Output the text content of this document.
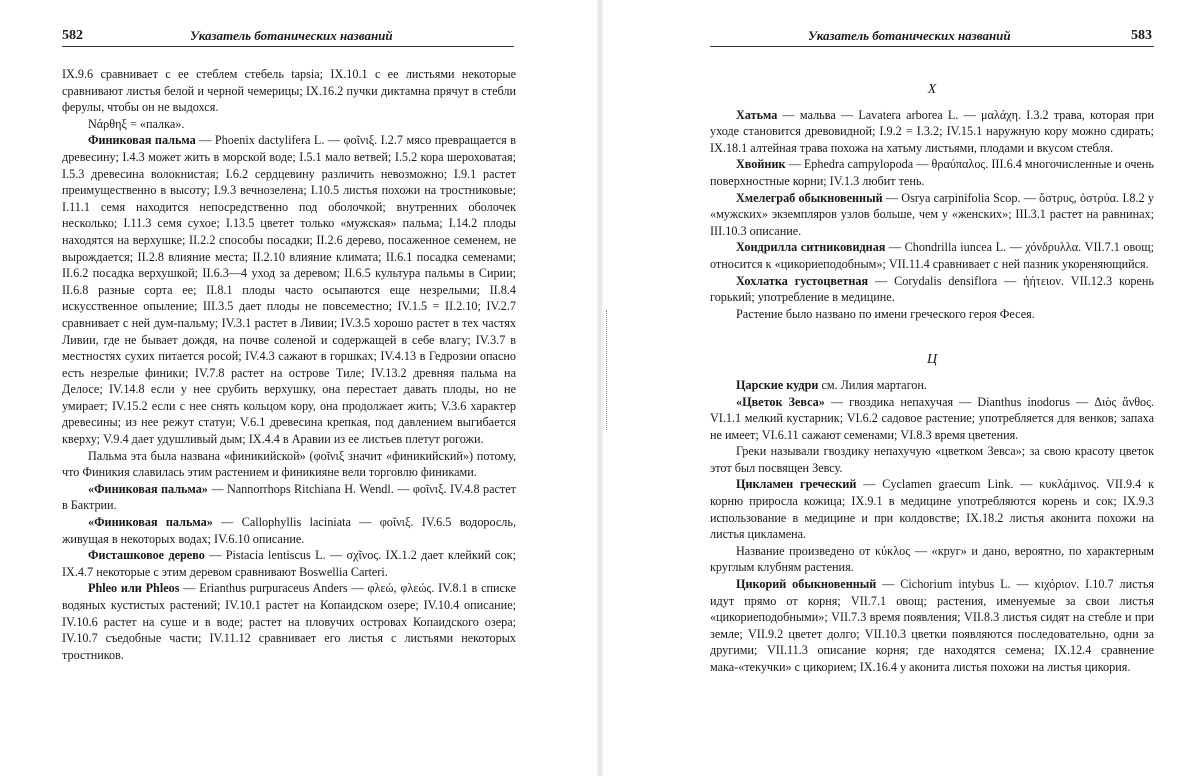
582	Указатель ботанических названий

IX.9.6 сравнивает с ее стеблем стебель tapsia; IX.10.1 с ее листьями некоторые сравнивают листья белой и черной чемерицы; IX.16.2 пучки диктамна прячут в стебли ферулы, чтобы он не выдохся.

Νάρθηξ = «палка».

Финиковая пальма — Phoenix dactylifera L. — φοῖνιξ. I.2.7 мясо превращается в древесину; I.4.3 может жить в морской воде; I.5.1 мало ветвей; I.5.2 кора шероховатая; I.5.3 древесина волокнистая; I.6.2 сердцевину различить невозможно; I.9.1 растет преимущественно в высоту; I.9.3 вечнозелена; I.10.5 листья похожи на тростниковые; I.11.1 семя находится непосредственно под оболочкой; внутренних оболочек несколько; I.11.3 семя сухое; I.13.5 цветет только «мужская» пальма; I.14.2 плоды находятся на верхушке; II.2.2 способы посадки; II.2.6 дерево, посаженное семенем, не вырождается; II.2.8 влияние места; II.2.10 влияние климата; II.6.1 посадка семенами; II.6.2 посадка верхушкой; II.6.3—4 уход за деревом; II.6.5 культура пальмы в Сирии; II.6.8 разные сорта ее; II.8.1 плоды часто осыпаются еще незрелыми; II.8.4 искусственное опыление; III.3.5 дает плоды не повсеместно; IV.1.5 = II.2.10; IV.2.7 сравнивает с ней дум-пальму; IV.3.1 растет в Ливии; IV.3.5 хорошо растет в тех частях Ливии, где не бывает дождя, на почве соленой и содержащей в себе влагу; IV.3.7 в местностях сухих питается росой; IV.4.3 сажают в горшках; IV.4.13 в Гедрозии опасно есть незрелые финики; IV.7.8 растет на острове Тиле; IV.13.2 древняя пальма на Делосе; IV.14.8 если у нее срубить верхушку, она перестает давать плоды, но не умирает; IV.15.2 если с нее снять кольцом кору, она продолжает жить; V.3.6 характер древесины; из нее режут статуи; V.6.1 древесина крепкая, под давлением выгибается кверху; V.9.4 дает удушливый дым; IX.4.4 в Аравии из ее листьев плетут рогожи.

Пальма эта была названа «финикийской» (φοῖνιξ значит «финикийский») потому, что Финикия славилась этим растением и финикияне вели торговлю финиками.

«Финиковая пальма» — Nannorrhops Ritchiana H. Wendl. — φοῖνιξ. IV.4.8 растет в Бактрии.

«Финиковая пальма» — Callophyllis laciniata — φοῖνιξ. IV.6.5 водоросль, живущая в некоторых водах; IV.6.10 описание.

Фисташковое дерево — Pistacia lentiscus L. — σχῖνος. IX.1.2 дает клейкий сок; IX.4.7 некоторые с этим деревом сравнивают Boswellia Carteri.

Phleo или Phleos — Erianthus purpuraceus Anders — φλεώ, φλεώς. IV.8.1 в списке водяных кустистых растений; IV.10.1 растет на Копаидском озере; IV.10.4 описание; IV.10.6 растет на суше и в воде; растет на пловучих островах Копаидского озера; IV.10.7 съедобные части; IV.11.12 сравнивает его листья с листьями некоторых тростников.

Указатель ботанических названий	583

X

Хатьма — мальва — Lavatera arborea L. — μαλάχη. I.3.2 трава, которая при уходе становится древовидной; I.9.2 = I.3.2; IV.15.1 наружную кору можно сдирать; IX.18.1 алтейная трава похожа на хатьму листьями, плодами и вкусом стебля.

Хвойник — Ephedra campylopoda — θραύπαλος. III.6.4 многочисленные и очень поверхностные корни; IV.1.3 любит тень.

Хмелеграб обыкновенный — Osrya carpinifolia Scop. — ὄστρυς, ὀστρύα. I.8.2 у «мужских» экземпляров узлов больше, чем у «женских»; III.3.1 растет на равнинах; III.10.3 описание.

Хондрилла ситниковидная — Chondrilla iuncea L. — χόνδρυλλα. VII.7.1 овощ; относится к «цикориеподобным»; VII.11.4 сравнивает с ней пазник укореняющийся.

Хохлатка густоцветная — Corydalis densiflora — ἠήτειον. VII.12.3 корень горький; употребление в медицине.

Растение было названо по имени греческого героя Фесея.

Ц

Царские кудри см. Лилия мартагон.

«Цветок Зевса» — гвоздика непахучая — Dianthus inodorus — Διὸς ἄνθος. VI.1.1 мелкий кустарник; VI.6.2 садовое растение; употребляется для венков; запаха не имеет; VI.6.11 сажают семенами; VI.8.3 время цветения.

Греки называли гвоздику непахучую «цветком Зевса»; за свою красоту цветок этот был посвящен Зевсу.

Цикламен греческий — Cyclamen graecum Link. — κυκλάμινος. VII.9.4 к корню приросла кожица; IX.9.1 в медицине употребляются корень и сок; IX.9.3 использование в медицине и при колдовстве; IX.18.2 листья аконита похожи на листья цикламена.

Название произведено от κύκλος — «круг» и дано, вероятно, по характерным круглым клубням растения.

Цикорий обыкновенный — Cichorium intybus L. — κιχόριον. I.10.7 листья идут прямо от корня; VII.7.1 овощ; растения, именуемые за свои листья «цикориеподобными»; VII.7.3 время появления; VII.8.3 листья сидят на стебле и при земле; VII.9.2 цветет долго; VII.10.3 цветки появляются последовательно, одни за другими; VII.11.3 описание корня; где находятся семена; IX.12.4 сравнение мака-«текучки» с цикорием; IX.16.4 у аконита листья похожи на листья цикория.
